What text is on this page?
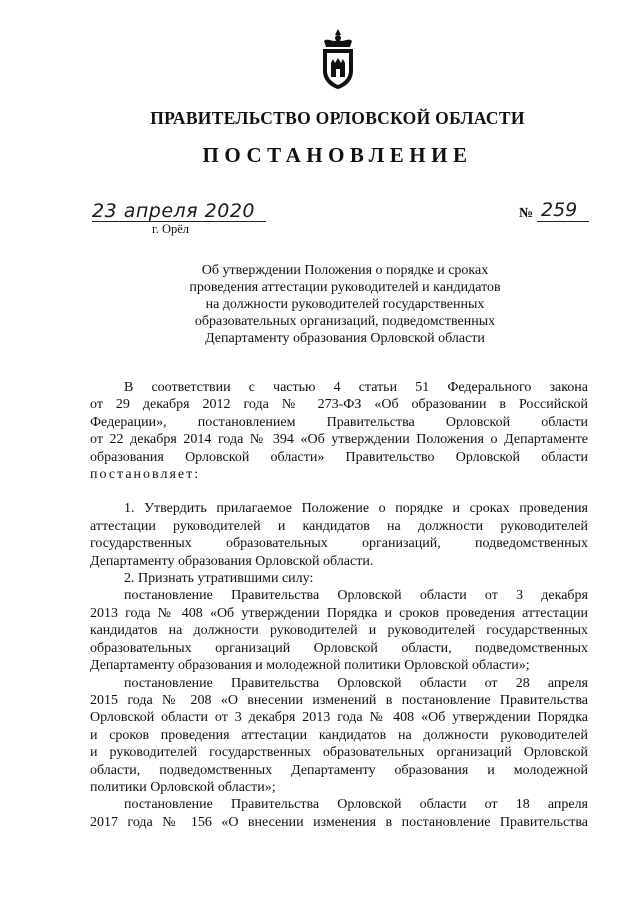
ПРАВИТЕЛЬСТВО ОРЛОВСКОЙ ОБЛАСТИ
ПОСТАНОВЛЕНИЕ
23 апреля 2020
г. Орёл
№ 259
Об утверждении Положения о порядке и сроках
проведения аттестации руководителей и кандидатов
на должности руководителей государственных
образовательных организаций, подведомственных
Департаменту образования Орловской области

В соответствии с частью 4 статьи 51 Федерального закона

от 29 декабря 2012 года № 273-ФЗ «Об образовании в Российской

Федерации», постановлением Правительства Орловской области

от 22 декабря 2014 года № 394 «Об утверждении Положения о Департаменте

образования Орловской области» Правительство Орловской области

постановляет:

1. Утвердить прилагаемое Положение о порядке и сроках проведения

аттестации руководителей и кандидатов на должности руководителей

государственных образовательных организаций, подведомственных

Департаменту образования Орловской области.

2. Признать утратившими силу:

постановление Правительства Орловской области от 3 декабря

2013 года № 408 «Об утверждении Порядка и сроков проведения аттестации

кандидатов на должности руководителей и руководителей государственных

образовательных организаций Орловской области, подведомственных

Департаменту образования и молодежной политики Орловской области»;

постановление Правительства Орловской области от 28 апреля

2015 года № 208 «О внесении изменений в постановление Правительства

Орловской области от 3 декабря 2013 года № 408 «Об утверждении Порядка

и сроков проведения аттестации кандидатов на должности руководителей

и руководителей государственных образовательных организаций Орловской

области, подведомственных Департаменту образования и молодежной

политики Орловской области»;

постановление Правительства Орловской области от 18 апреля

2017 года № 156 «О внесении изменения в постановление Правительства
